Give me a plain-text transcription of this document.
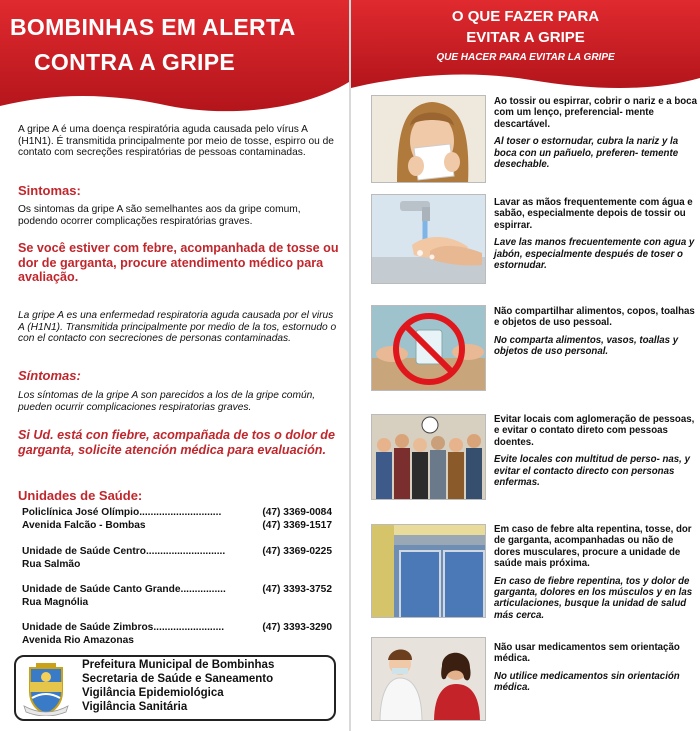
BOMBINHAS EM ALERTA
CONTRA A GRIPE
A gripe A é uma doença respiratória aguda causada pelo vírus A (H1N1). É transmitida principalmente por meio de tosse, espirro ou de contato com secreções respiratórias de pessoas contaminadas.
Sintomas:
Os sintomas da gripe A são semelhantes aos da gripe comum, podendo ocorrer complicações respiratórias graves.
Se você estiver com febre, acompanhada de tosse ou dor de garganta, procure atendimento médico para avaliação.
La gripe A es una enfermedad respiratoria aguda causada por el virus A (H1N1). Transmitida principalmente por medio de la tos, estornudo o con el contacto con secreciones de personas contaminadas.
Síntomas:
Los síntomas de la gripe A son parecidos a los de la gripe común, pueden ocurrir complicaciones respiratorias graves.
Si Ud. está con fiebre, acompañada de tos o dolor de garganta, solicite atención médica para evaluación.
Unidades de Saúde:
Policlínica José Olímpio.............................	(47) 3369-0084
Avenida Falcão - Bombas	(47) 3369-1517
Unidade de Saúde Centro............................	(47) 3369-0225
Rua Salmão
Unidade de Saúde Canto Grande................	(47) 3393-3752
Rua Magnólia
Unidade de Saúde Zimbros.........................	(47) 3393-3290
Avenida Rio Amazonas
Prefeitura Municipal de Bombinhas
Secretaria de Saúde e Saneamento
Vigilância Epidemiológica
Vigilância Sanitária
O QUE FAZER PARA
EVITAR A GRIPE
QUE HACER PARA EVITAR LA GRIPE

Ao tossir ou espirrar, cobrir o nariz e a boca com um lenço, preferencial- mente descartável.

Al toser o estornudar, cubra la nariz y la boca con un pañuelo, preferen- temente desechable.

Lavar as mãos frequentemente com água e sabão, especialmente depois de tossir ou espirrar.

Lave las manos frecuentemente con agua y jabón, especialmente después de toser o estornudar.

Não compartilhar alimentos, copos, toalhas e objetos de uso pessoal.

No comparta alimentos, vasos, toallas y objetos de uso personal.

Evitar locais com aglomeração de pessoas, e evitar o contato direto com pessoas doentes.

Evite locales con multitud de perso- nas, y evitar el contacto directo con personas enfermas.

Em caso de febre alta repentina, tosse, dor de garganta, acompanhadas ou não de dores musculares, procure a unidade de saúde mais próxima.

En caso de fiebre repentina, tos y dolor de garganta, dolores en los músculos y en las articulaciones, busque la unidad de salud más cerca.

Não usar medicamentos sem orientação médica.

No utilice medicamentos sin orientación médica.
